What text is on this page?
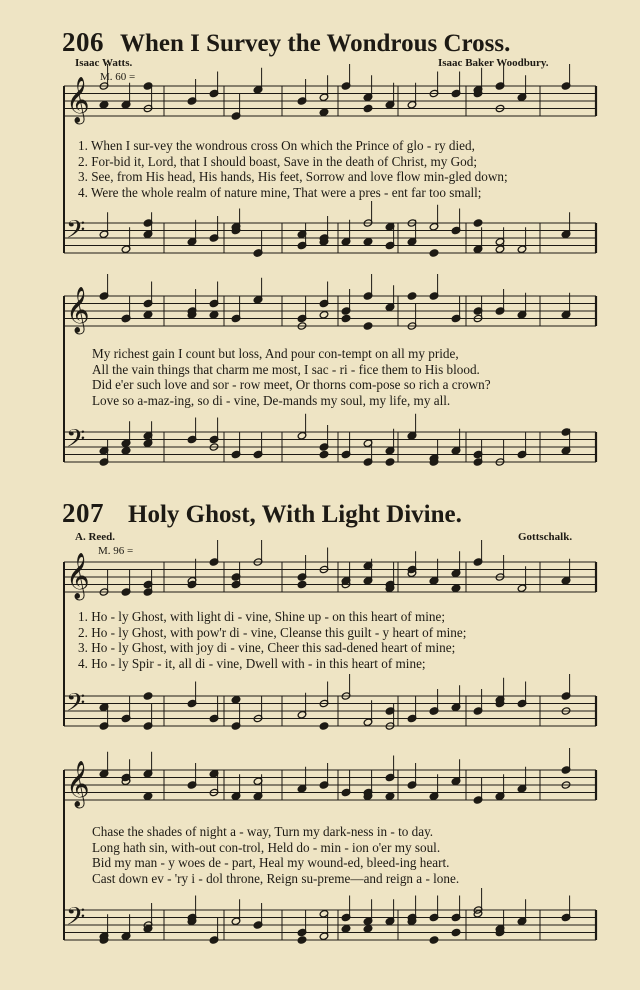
206 When I Survey the Wondrous Cross.
Isaac Watts.	Isaac Baker Woodbury.
M. 60 =
1. When I sur-vey the wondrous cross On which the Prince of glo - ry died,
2. For-bid it, Lord, that I should boast, Save in the death of Christ, my God;
3. See, from His head, His hands, His feet, Sorrow and love flow min-gled down;
4. Were the whole realm of nature mine, That were a pres - ent far too small;
My richest gain I count but loss, And pour con-tempt on all my pride,
All the vain things that charm me most, I sac - ri - fice them to His blood.
Did e'er such love and sor - row meet, Or thorns com-pose so rich a crown?
Love so a-maz-ing, so di - vine, De-mands my soul, my life, my all.
207 Holy Ghost, With Light Divine.
A. Reed.	Gottschalk.
M. 96 =
1. Ho - ly Ghost, with light di - vine, Shine up - on this heart of mine;
2. Ho - ly Ghost, with pow'r di - vine, Cleanse this guilt - y heart of mine;
3. Ho - ly Ghost, with joy di - vine, Cheer this sad-dened heart of mine;
4. Ho - ly Spir - it, all di - vine, Dwell with - in this heart of mine;
Chase the shades of night a - way, Turn my dark-ness in - to day.
Long hath sin, with-out con-trol, Held do - min - ion o'er my soul.
Bid my man - y woes de - part, Heal my wound-ed, bleed-ing heart.
Cast down ev - 'ry i - dol throne, Reign su-preme—and reign a - lone.
𝄞
𝄢
𝄞
𝄢
𝄞
𝄢
𝄞
𝄢
